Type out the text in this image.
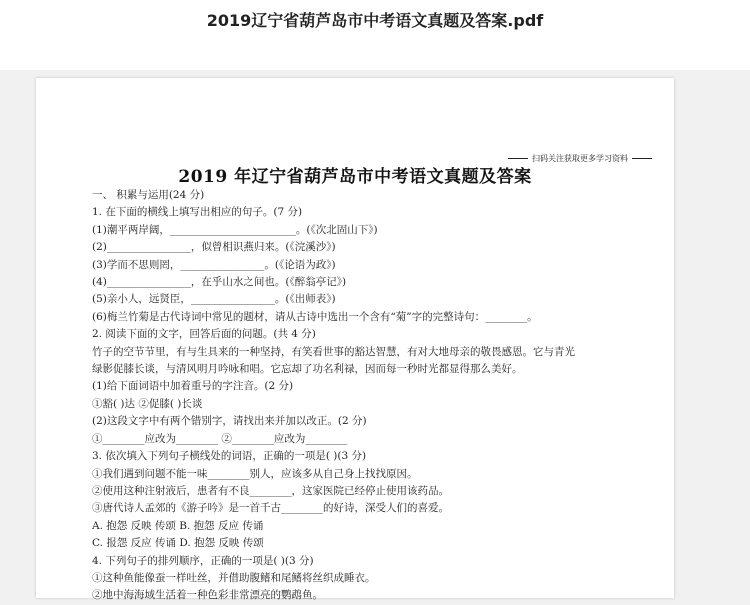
2019辽宁省葫芦岛市中考语文真题及答案.pdf
扫码关注获取更多学习资料
2019 年辽宁省葫芦岛市中考语文真题及答案
一、 积累与运用(24 分)
1. 在下面的横线上填写出相应的句子。(7 分)
(1)潮平两岸阔，________________________。(《次北固山下》)
(2)________________，似曾相识燕归来。(《浣溪沙》)
(3)学而不思则罔，________________。(《论语为政》)
(4)________________，在乎山水之间也。(《醉翁亭记》)
(5)亲小人，远贤臣，________________。(《出师表》)
(6)梅兰竹菊是古代诗词中常见的题材，请从古诗中选出一个含有“菊”字的完整诗句：________。
2. 阅读下面的文字，回答后面的问题。(共 4 分)
竹子的空节节里，有与生具来的一种坚持，有笑看世事的豁达智慧，有对大地母亲的敬畏感恩。它与青光
绿影促膝长谈，与清风明月吟咏和唱。它忘却了功名利禄，因而每一秒时光都显得那么美好。
(1)给下面词语中加着重号的字注音。(2 分)
①豁( )达 ②促膝( )长谈
(2)这段文字中有两个错别字，请找出来并加以改正。(2 分)
①________应改为________ ②________应改为________
3. 依次填入下列句子横线处的词语，正确的一项是( )(3 分)
①我们遇到问题不能一味________别人，应该多从自己身上找找原因。
②使用这种注射液后，患者有不良________，这家医院已经停止使用该药品。
③唐代诗人孟郊的《游子吟》是一首千古________的好诗，深受人们的喜爱。
A. 抱怨 反映 传颂 B. 抱怨 反应 传诵
C. 报怨 反应 传诵 D. 抱怨 反映 传颂
4. 下列句子的排列顺序，正确的一项是( )(3 分)
①这种鱼能像蚕一样吐丝，并借助腹鳍和尾鳍将丝织成睡衣。
②地中海海域生活着一种色彩非常漂亮的鹦鹉鱼。
